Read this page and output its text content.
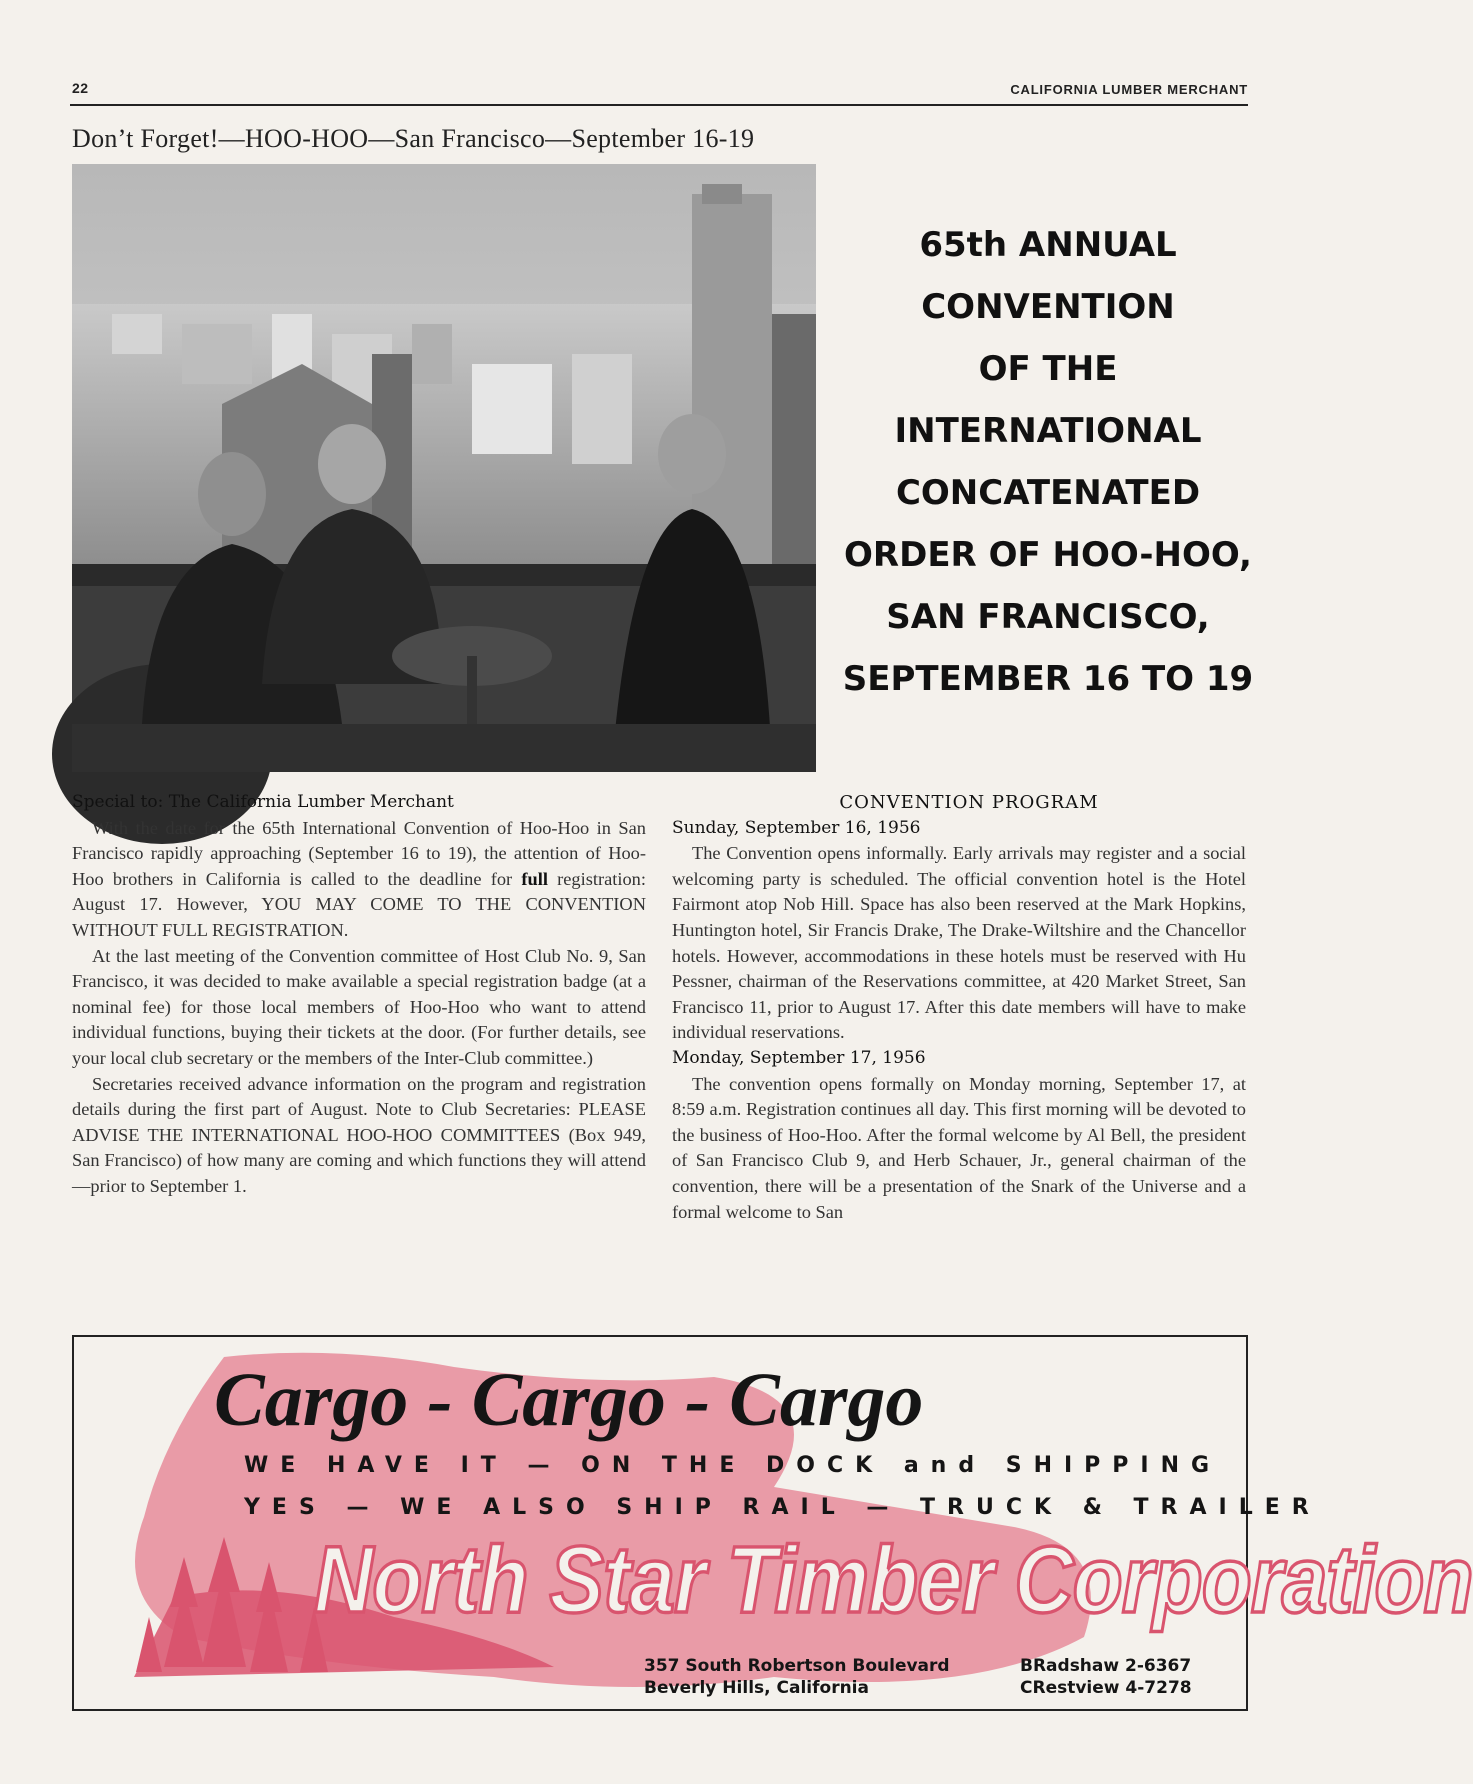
22	CALIFORNIA LUMBER MERCHANT
Don’t Forget!—HOO-HOO—San Francisco—September 16-19
65th ANNUAL
CONVENTION
OF THE
INTERNATIONAL
CONCATENATED
ORDER OF HOO-HOO,
SAN FRANCISCO,
SEPTEMBER 16 TO 19

Special to: The California Lumber Merchant

With the date for the 65th International Convention of Hoo-Hoo in San Francisco rapidly approaching (September 16 to 19), the attention of Hoo-Hoo brothers in California is called to the deadline for full registration: August 17. However, YOU MAY COME TO THE CONVENTION WITHOUT FULL REGISTRATION.

At the last meeting of the Convention committee of Host Club No. 9, San Francisco, it was decided to make available a special registration badge (at a nominal fee) for those local members of Hoo-Hoo who want to attend individual functions, buying their tickets at the door. (For further details, see your local club secretary or the members of the Inter-Club committee.)

Secretaries received advance information on the program and registration details during the first part of August. Note to Club Secretaries: PLEASE ADVISE THE INTERNATIONAL HOO-HOO COMMITTEES (Box 949, San Francisco) of how many are coming and which functions they will attend—prior to September 1.

CONVENTION PROGRAM

Sunday, September 16, 1956

The Convention opens informally. Early arrivals may register and a social welcoming party is scheduled. The official convention hotel is the Hotel Fairmont atop Nob Hill. Space has also been reserved at the Mark Hopkins, Huntington hotel, Sir Francis Drake, The Drake-Wiltshire and the Chancellor hotels. However, accommodations in these hotels must be reserved with Hu Pessner, chairman of the Reservations committee, at 420 Market Street, San Francisco 11, prior to August 17. After this date members will have to make individual reservations.

Monday, September 17, 1956

The convention opens formally on Monday morning, September 17, at 8:59 a.m. Registration continues all day. This first morning will be devoted to the business of Hoo-Hoo. After the formal welcome by Al Bell, the president of San Francisco Club 9, and Herb Schauer, Jr., general chairman of the convention, there will be a presentation of the Snark of the Universe and a formal welcome to San

Cargo - Cargo - Cargo
WE HAVE IT — ON THE DOCK and SHIPPING
YES — WE ALSO SHIP RAIL — TRUCK & TRAILER
North Star Timber Corporation
357 South Robertson Boulevard
Beverly Hills, California
BRadshaw 2-6367
CRestview 4-7278
